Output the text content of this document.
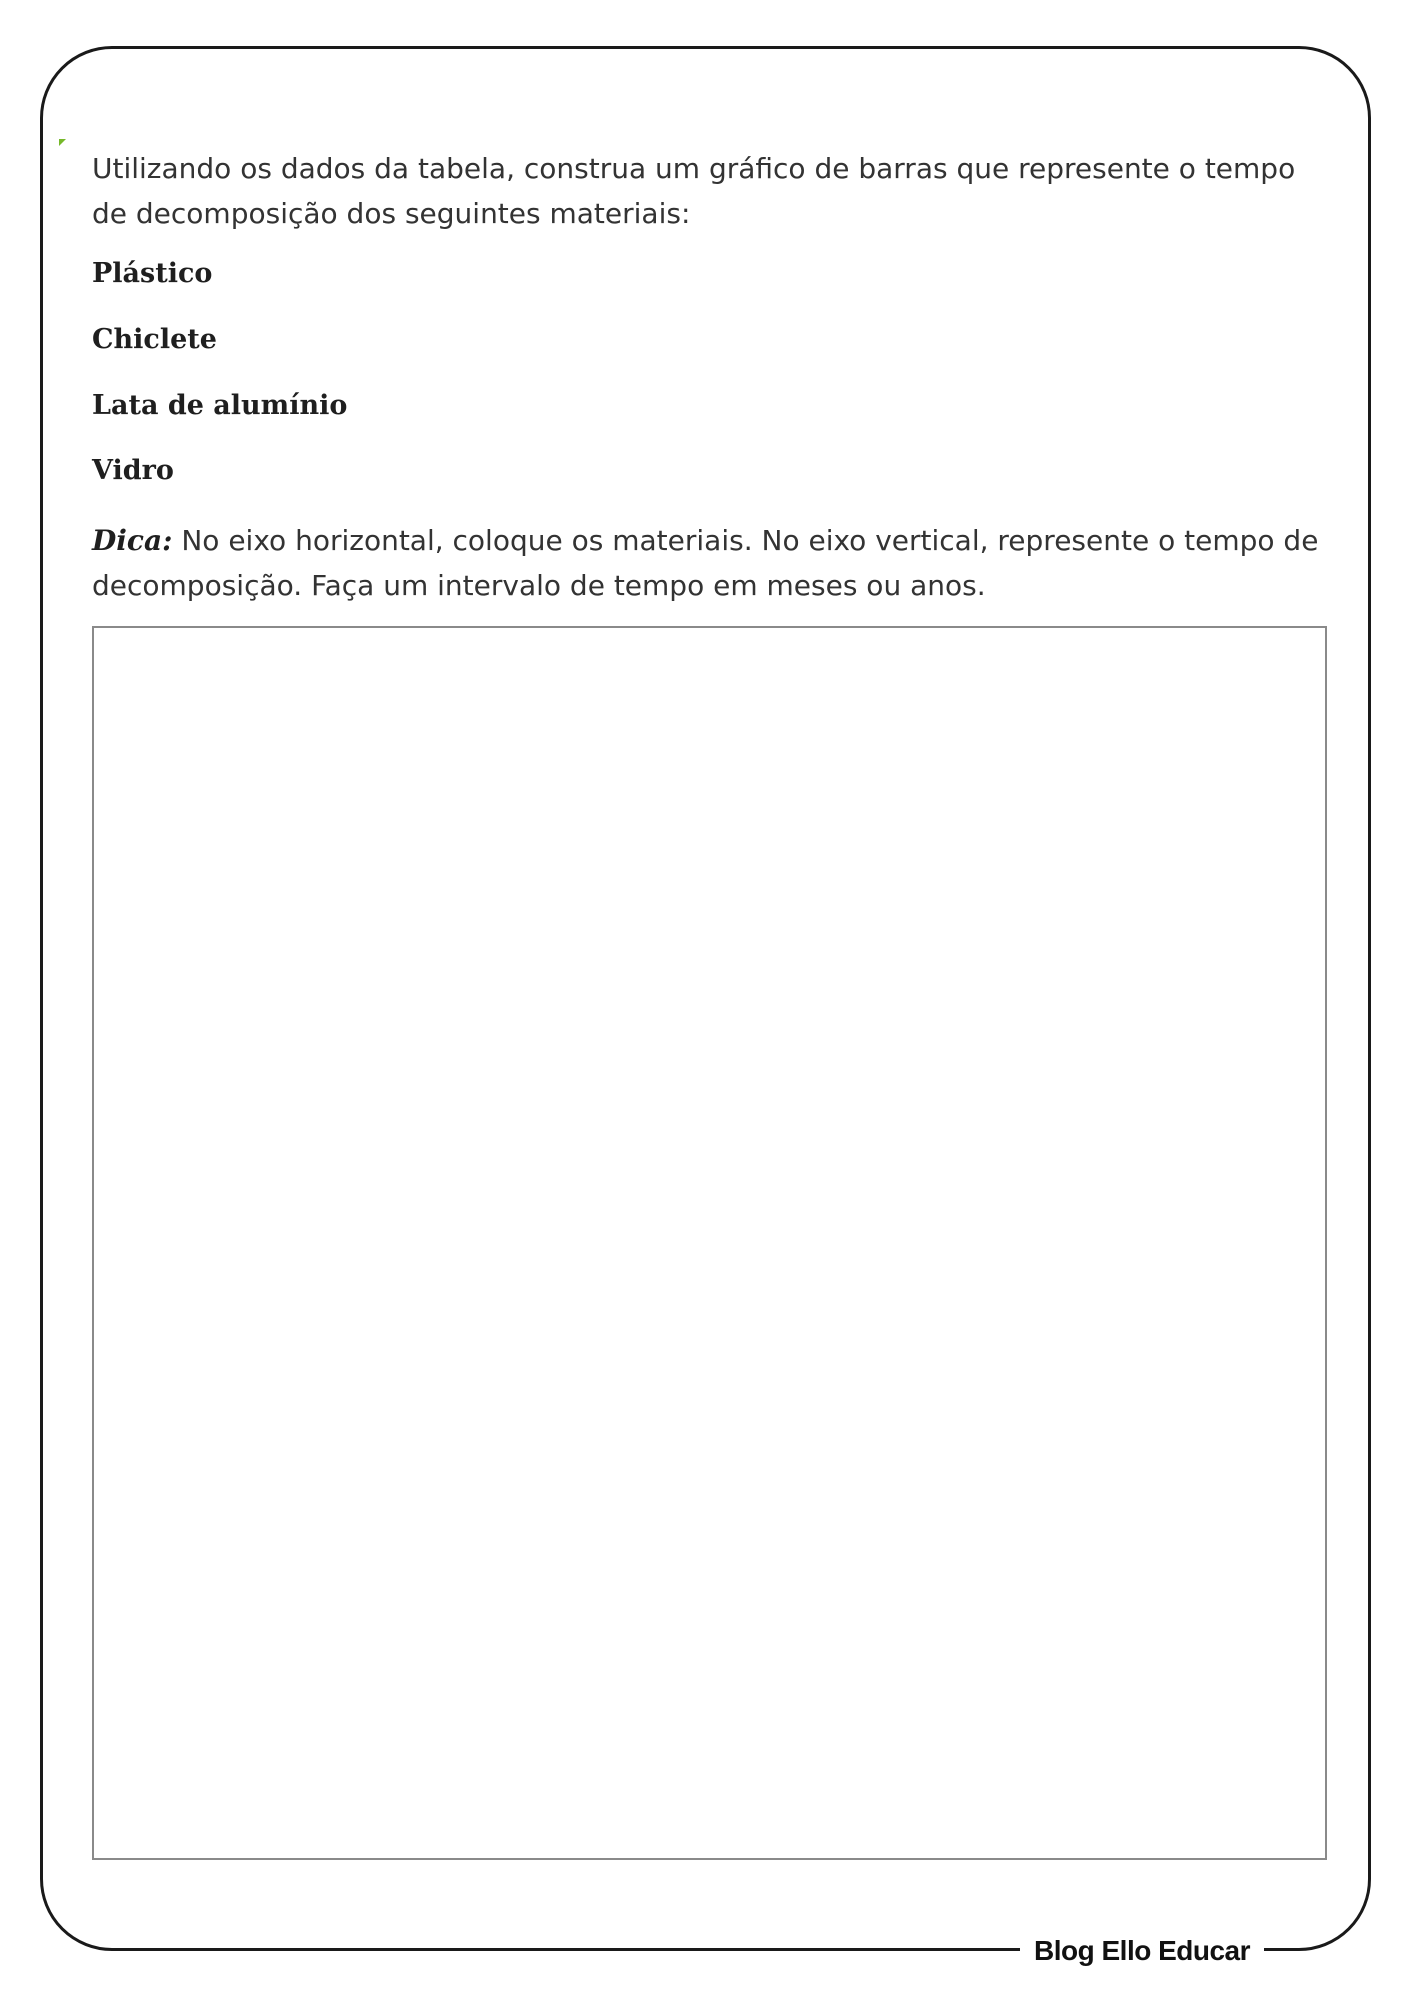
Utilizando os dados da tabela, construa um gráfico de barras que represente o tempo de decomposição dos seguintes materiais:

Plástico

Chiclete

Lata de alumínio

Vidro

Dica: No eixo horizontal, coloque os materiais. No eixo vertical, represente o tempo de decomposição. Faça um intervalo de tempo em meses ou anos.

Blog Ello Educar
